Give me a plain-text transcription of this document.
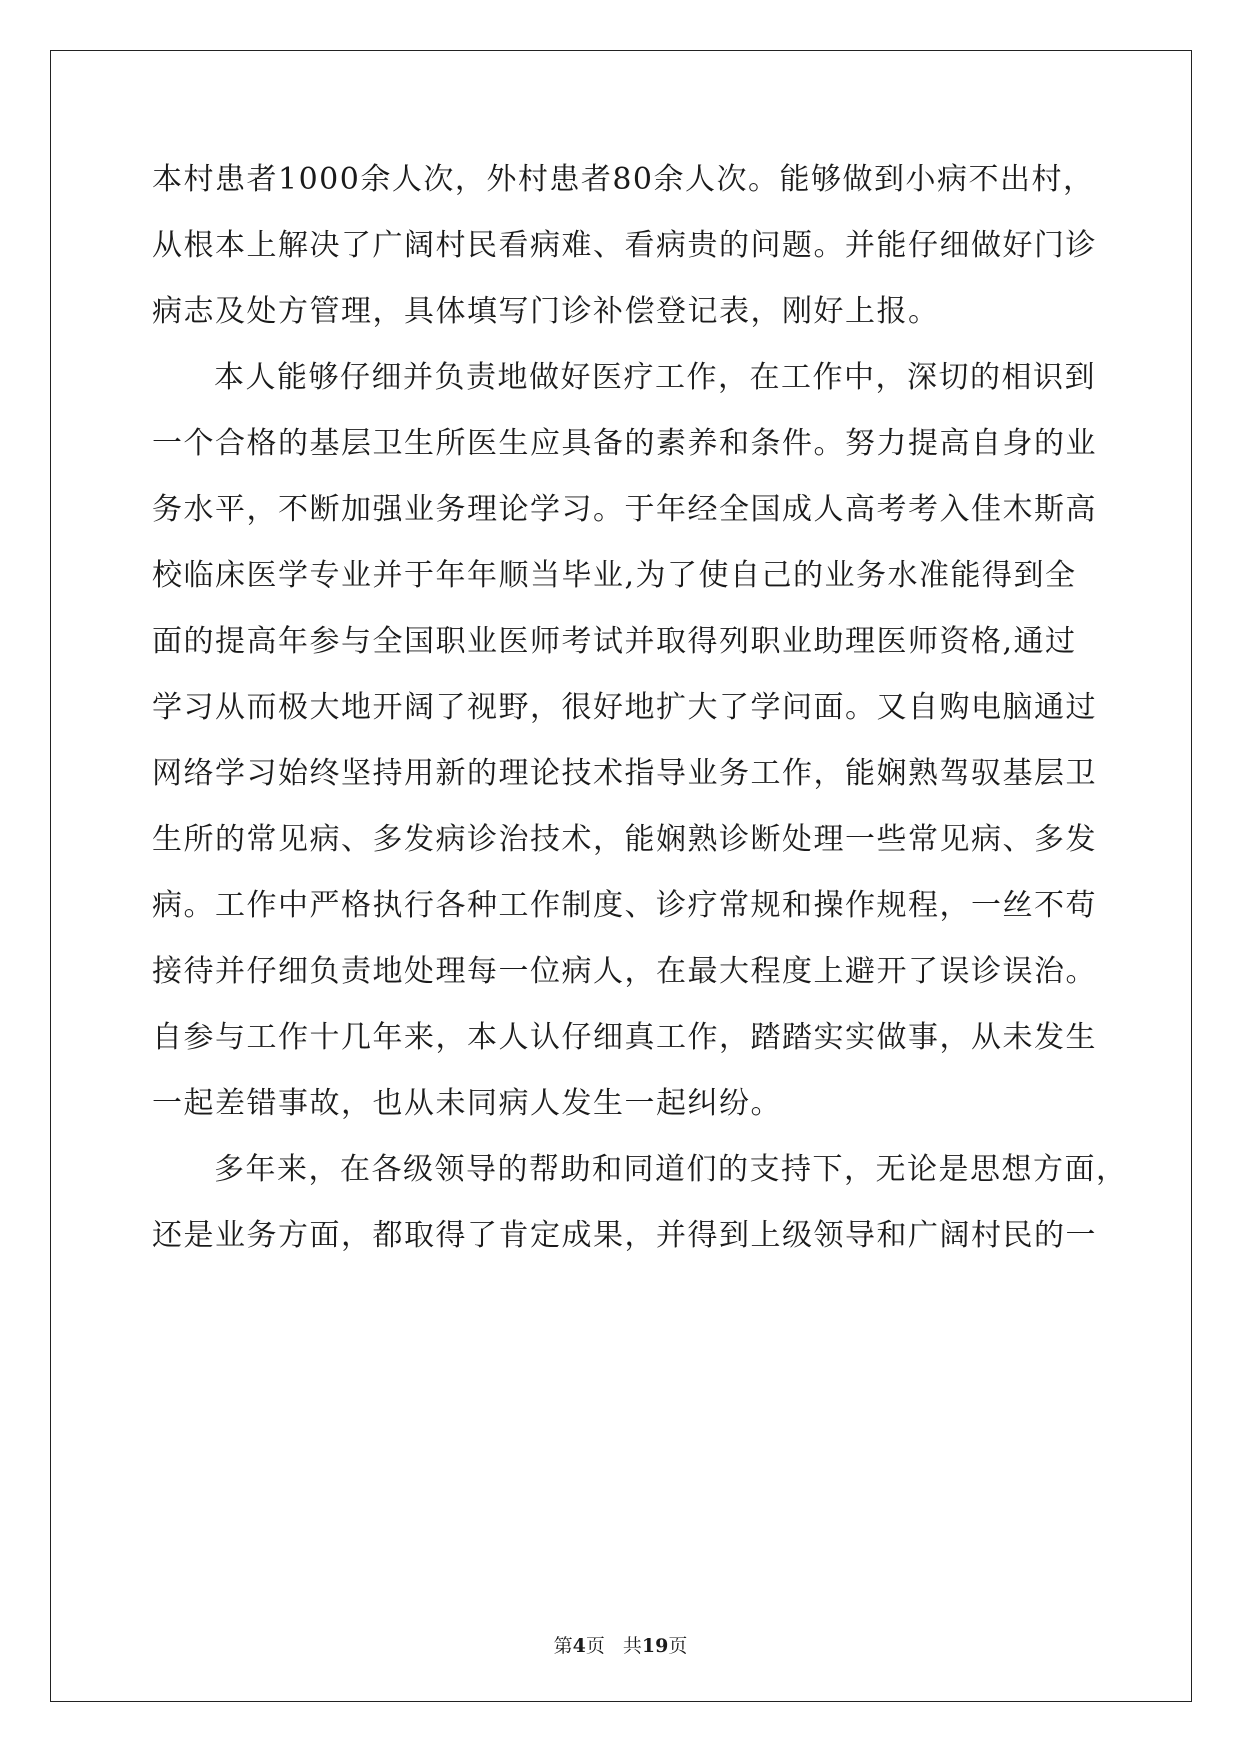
本村患者1000余人次，外村患者80余人次。能够做到小病不出村，
从根本上解决了广阔村民看病难、看病贵的问题。并能仔细做好门诊
病志及处方管理，具体填写门诊补偿登记表，刚好上报。
本人能够仔细并负责地做好医疗工作，在工作中，深切的相识到
一个合格的基层卫生所医生应具备的素养和条件。努力提高自身的业
务水平，不断加强业务理论学习。于年经全国成人高考考入佳木斯高
校临床医学专业并于年年顺当毕业,为了使自己的业务水准能得到全
面的提高年参与全国职业医师考试并取得列职业助理医师资格,通过
学习从而极大地开阔了视野，很好地扩大了学问面。又自购电脑通过
网络学习始终坚持用新的理论技术指导业务工作，能娴熟驾驭基层卫
生所的常见病、多发病诊治技术，能娴熟诊断处理一些常见病、多发
病。工作中严格执行各种工作制度、诊疗常规和操作规程，一丝不苟
接待并仔细负责地处理每一位病人，在最大程度上避开了误诊误治。
自参与工作十几年来，本人认仔细真工作，踏踏实实做事，从未发生
一起差错事故，也从未同病人发生一起纠纷。
多年来，在各级领导的帮助和同道们的支持下，无论是思想方面，
还是业务方面，都取得了肯定成果，并得到上级领导和广阔村民的一
第4页 共19页
